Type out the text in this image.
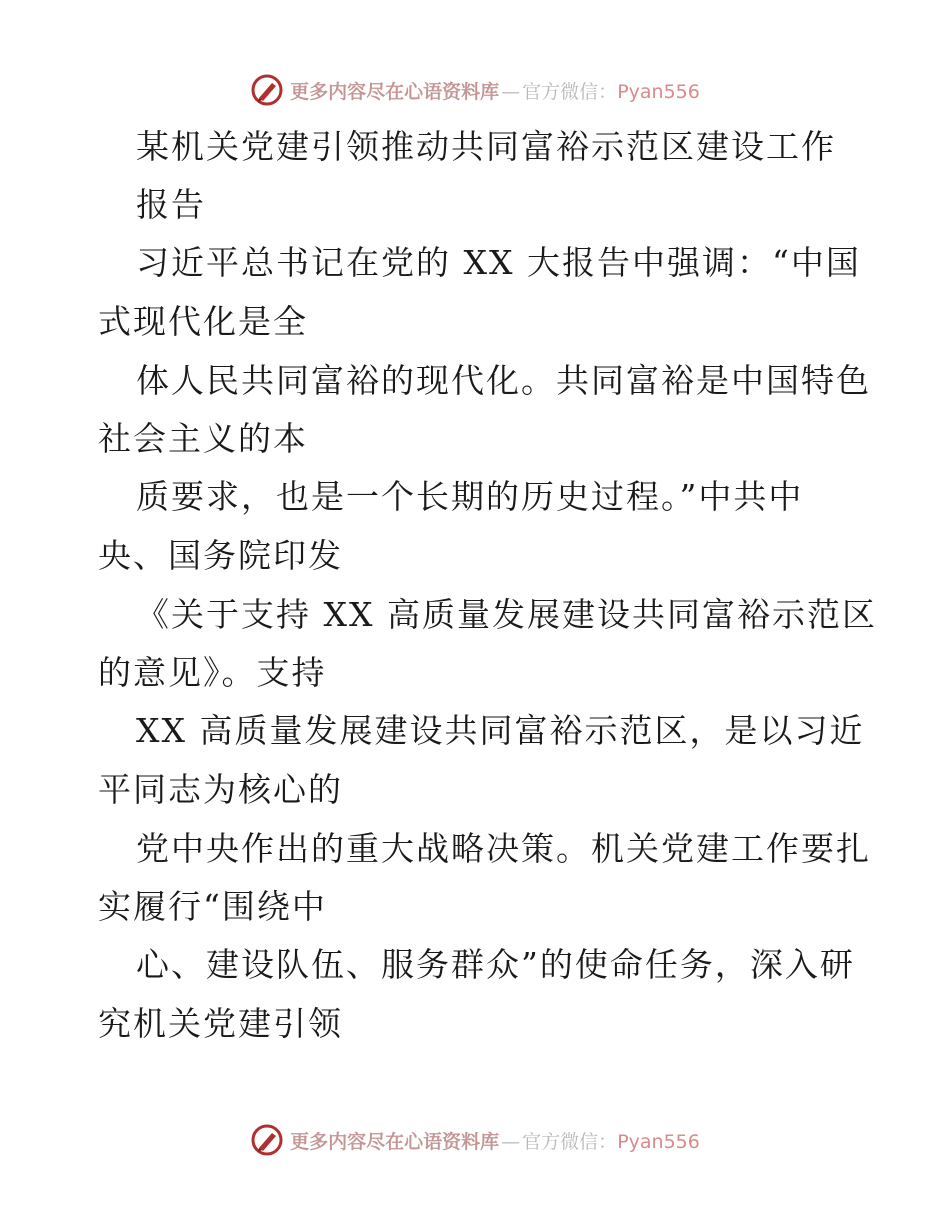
更多内容尽在心语资料库 — 官方微信：Pyan556
某机关党建引领推动共同富裕示范区建设工作
报告
习近平总书记在党的 XX 大报告中强调：“中国
式现代化是全
体人民共同富裕的现代化。共同富裕是中国特色
社会主义的本
质要求，也是一个长期的历史过程。”中共中
央、国务院印发
《关于支持 XX 高质量发展建设共同富裕示范区
的意见》。支持
XX 高质量发展建设共同富裕示范区，是以习近
平同志为核心的
党中央作出的重大战略决策。机关党建工作要扎
实履行“围绕中
心、建设队伍、服务群众”的使命任务，深入研
究机关党建引领
更多内容尽在心语资料库 — 官方微信：Pyan556
